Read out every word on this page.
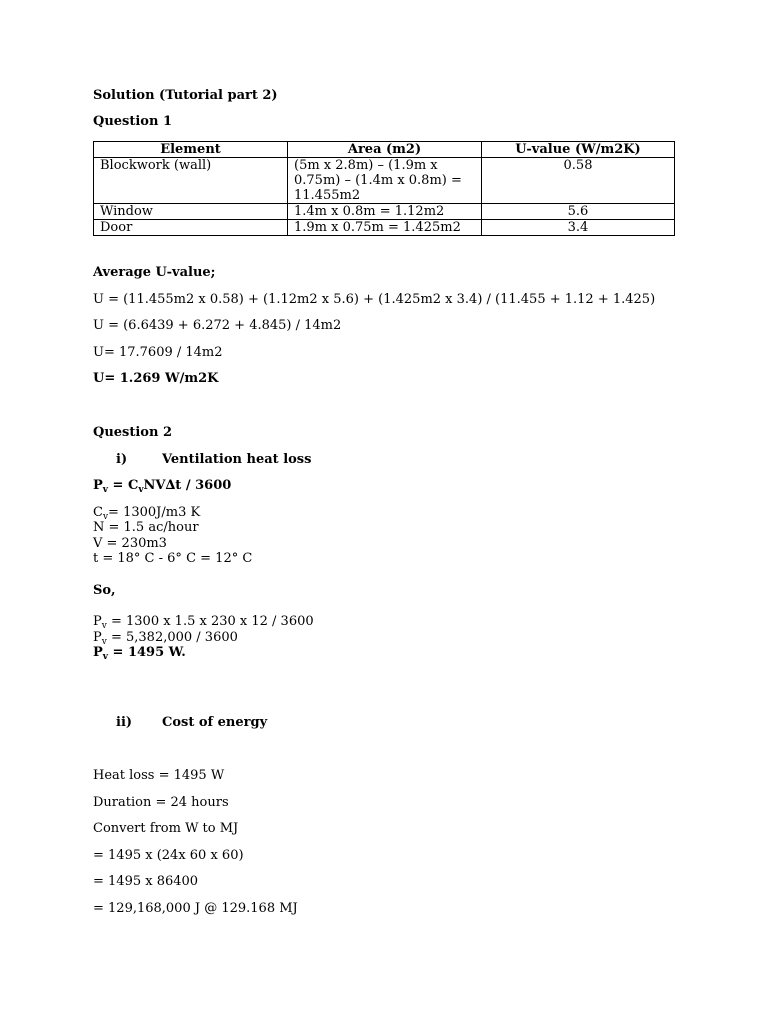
Solution (Tutorial part 2)
Question 1
Element	Area (m2)	U-value (W/m2K)
Blockwork (wall)	(5m x 2.8m) – (1.9m x 0.75m) – (1.4m x 0.8m) = 11.455m2	0.58
Window	1.4m x 0.8m = 1.12m2	5.6
Door	1.9m x 0.75m = 1.425m2	3.4
Average U-value;
U = (11.455m2 x 0.58) + (1.12m2 x 5.6) + (1.425m2 x 3.4) / (11.455 + 1.12 + 1.425)
U = (6.6439 + 6.272 + 4.845) / 14m2
U= 17.7609 / 14m2
U= 1.269 W/m2K
Question 2
i)	Ventilation heat loss
$P_v = C_vNV\Delta t / 3600$
$C_v= 1300J/m3$ K
N = 1.5 ac/hour
V = 230m3
t = 18° C - 6° C = 12° C
So,
$P_v = 1300$ x 1.5 x 230 x 12 / 3600
$P_v = 5,382,000 / 3600$
$P_v = 1495$ W.
ii) Cost of energy
Heat loss = 1495 W
Duration = 24 hours
Convert from W to MJ
= 1495 x (24x 60 x 60)
= 1495 x 86400
= 129,168,000 J @ 129.168 MJ
